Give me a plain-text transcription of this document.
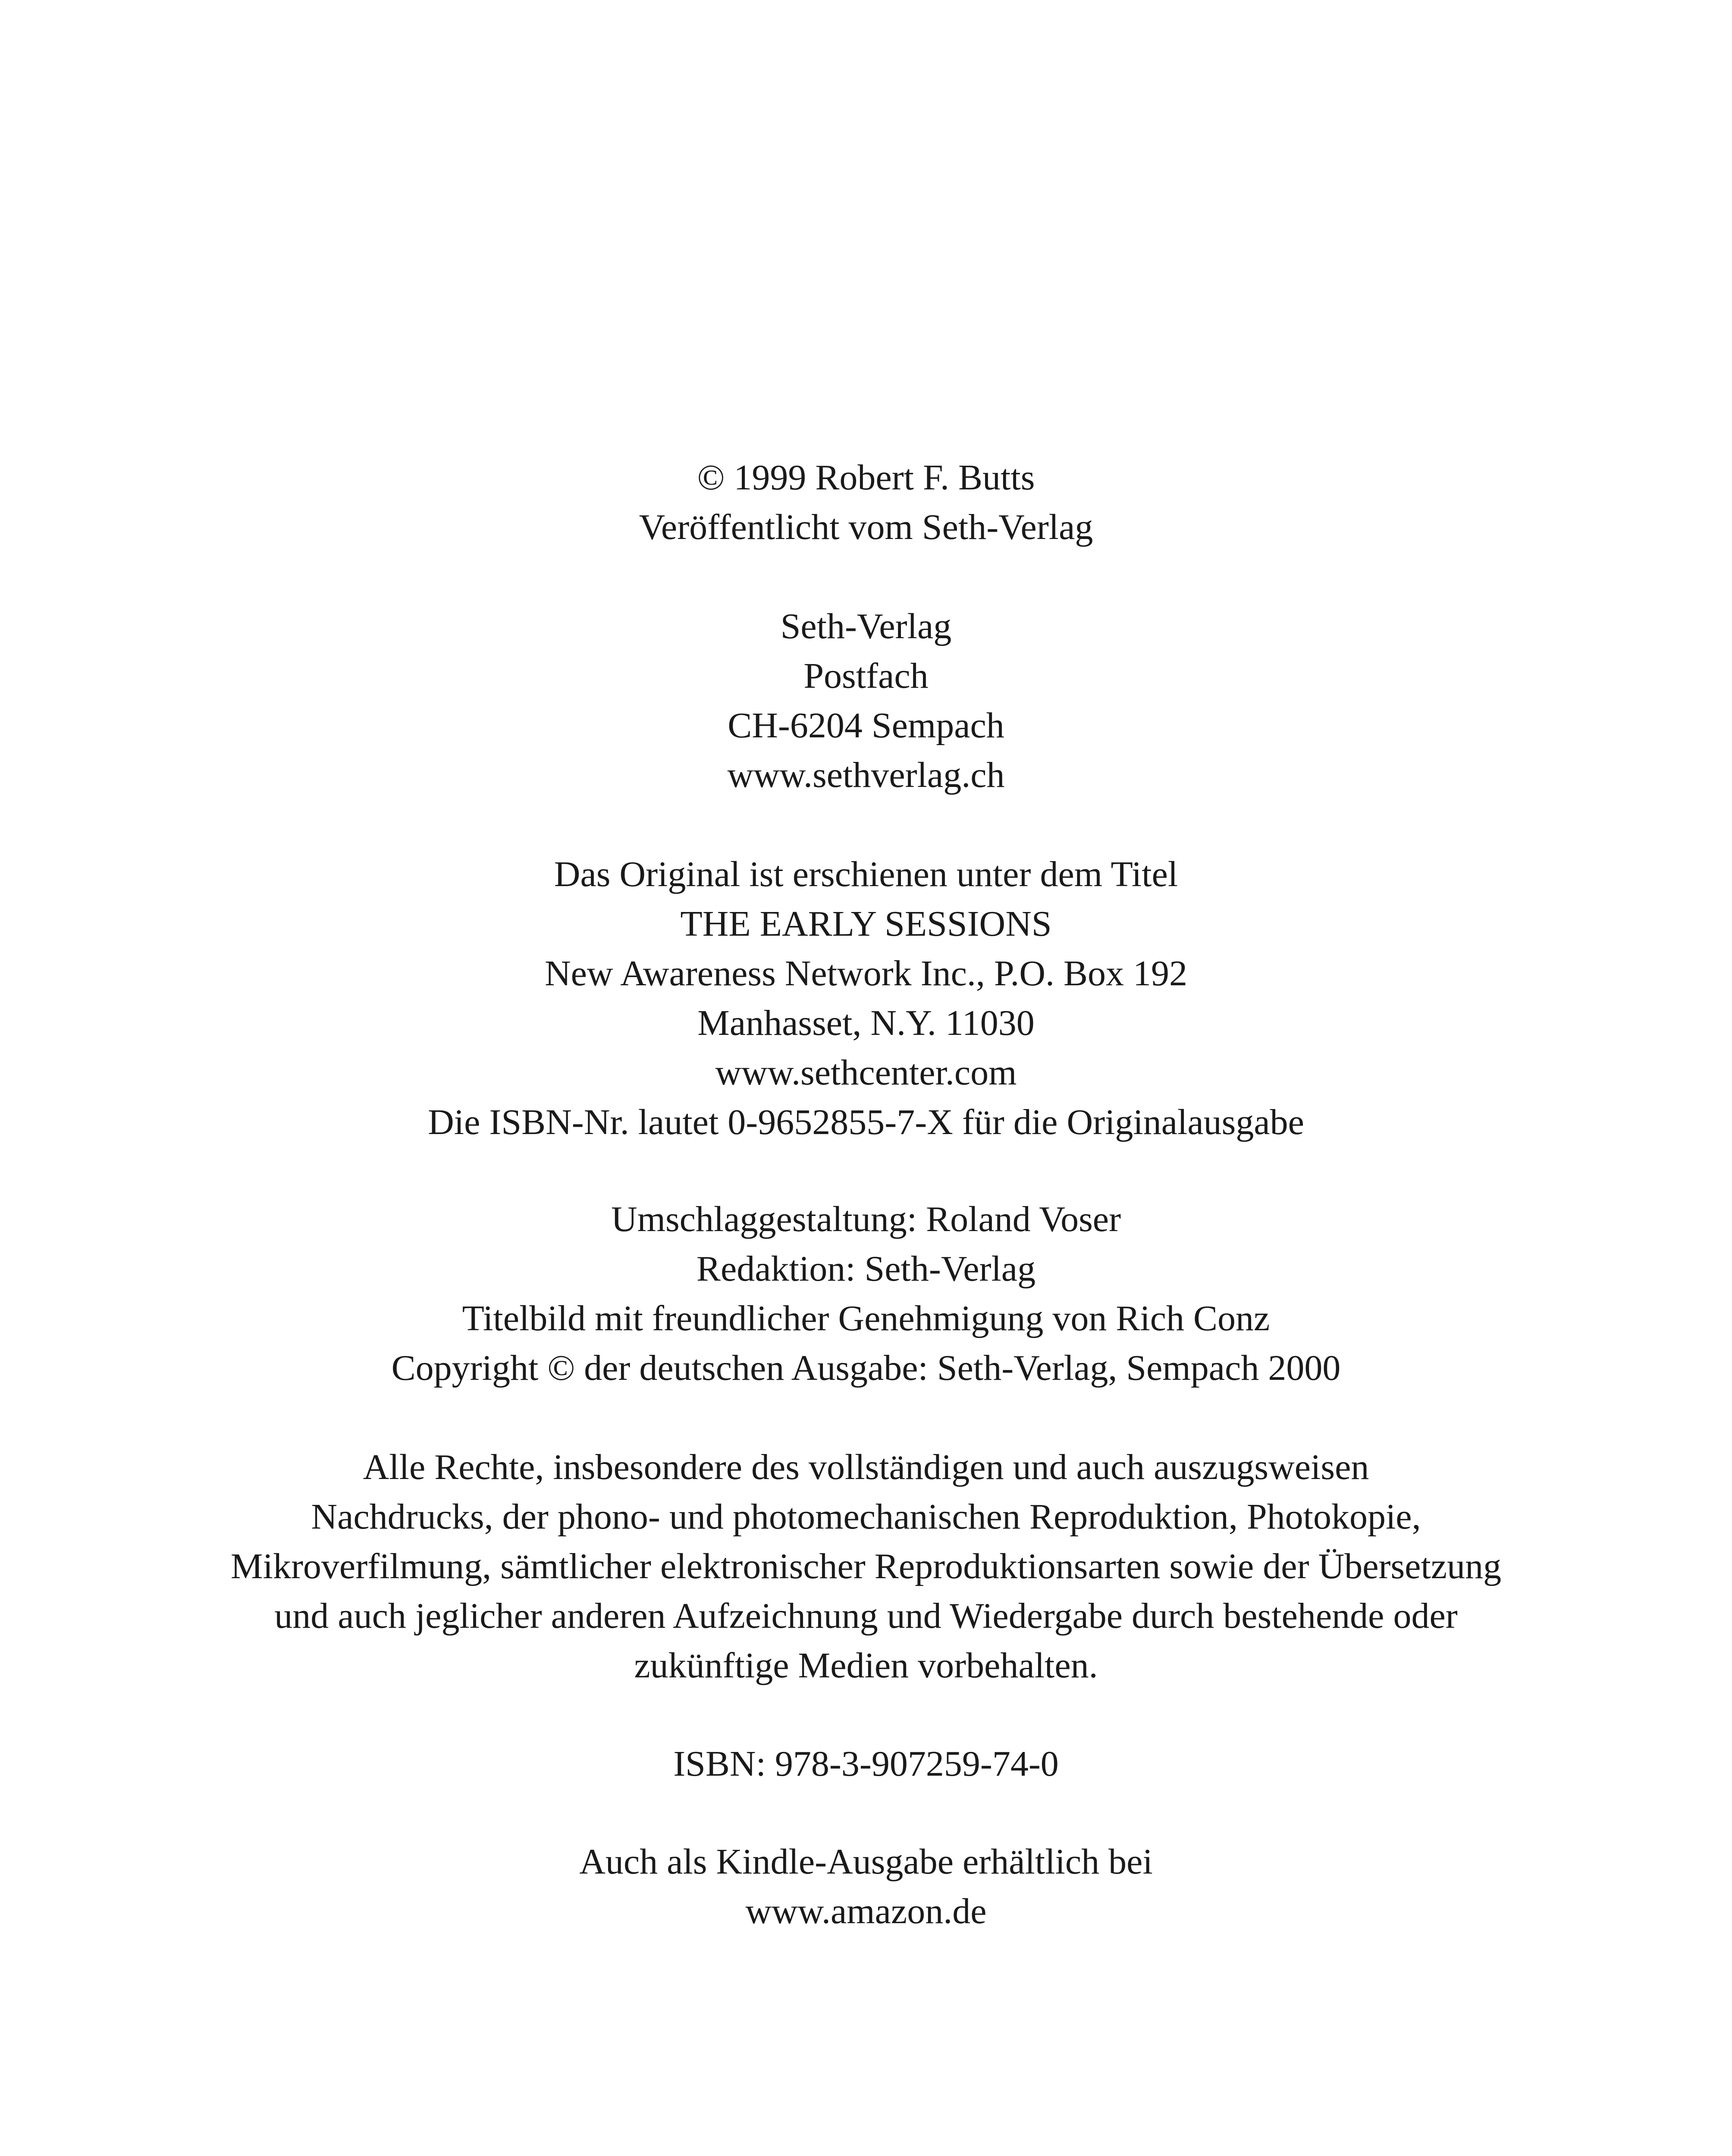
© 1999 Robert F. Butts
Veröffentlicht vom Seth-Verlag
Seth-Verlag
Postfach
CH-6204 Sempach
www.sethverlag.ch
Das Original ist erschienen unter dem Titel
THE EARLY SESSIONS
New Awareness Network Inc., P.O. Box 192
Manhasset, N.Y. 11030
www.sethcenter.com
Die ISBN-Nr. lautet 0-9652855-7-X für die Originalausgabe
Umschlaggestaltung: Roland Voser
Redaktion: Seth-Verlag
Titelbild mit freundlicher Genehmigung von Rich Conz
Copyright © der deutschen Ausgabe: Seth-Verlag, Sempach 2000
Alle Rechte, insbesondere des vollständigen und auch auszugsweisen
Nachdrucks, der phono- und photomechanischen Reproduktion, Photokopie,
Mikroverfilmung, sämtlicher elektronischer Reproduktionsarten sowie der Übersetzung
und auch jeglicher anderen Aufzeichnung und Wiedergabe durch bestehende oder
zukünftige Medien vorbehalten.
ISBN: 978-3-907259-74-0
Auch als Kindle-Ausgabe erhältlich bei
www.amazon.de
